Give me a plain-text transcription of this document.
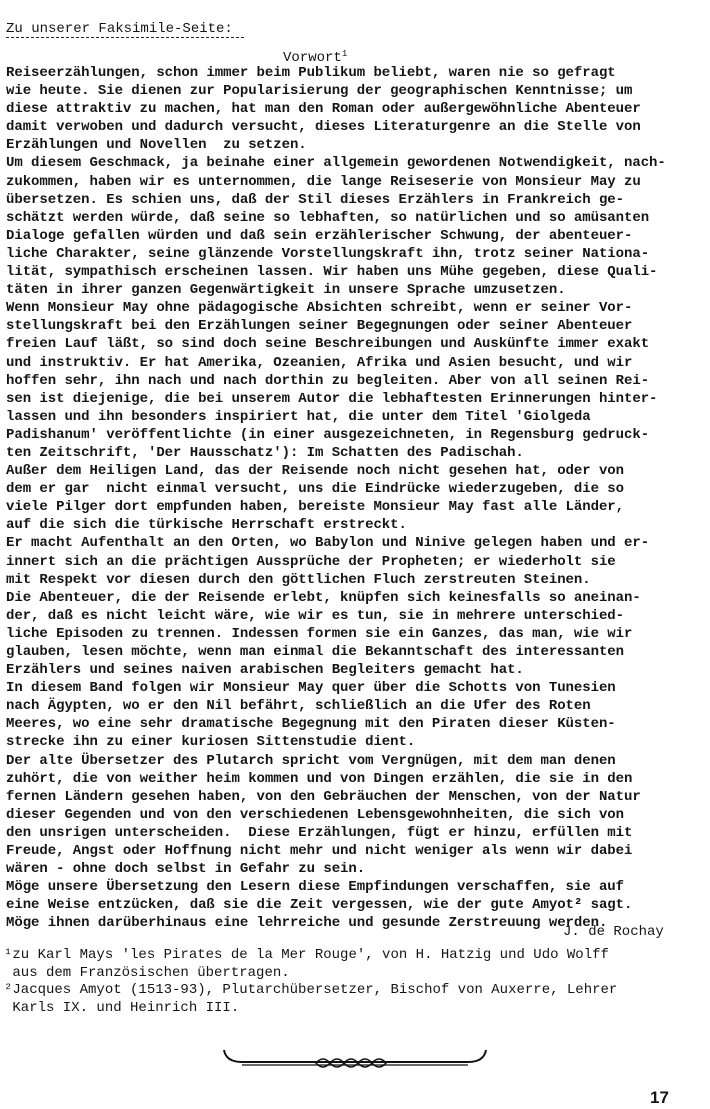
Zu unserer Faksimile-Seite:
Vorwort$^1$
Reiseerzählungen, schon immer beim Publikum beliebt, waren nie so gefragt
wie heute. Sie dienen zur Popularisierung der geographischen Kenntnisse; um
diese attraktiv zu machen, hat man den Roman oder außergewöhnliche Abenteuer
damit verwoben und dadurch versucht, dieses Literaturgenre an die Stelle von
Erzählungen und Novellen  zu setzen.
Um diesem Geschmack, ja beinahe einer allgemein gewordenen Notwendigkeit, nach-
zukommen, haben wir es unternommen, die lange Reiseserie von Monsieur May zu
übersetzen. Es schien uns, daß der Stil dieses Erzählers in Frankreich ge-
schätzt werden würde, daß seine so lebhaften, so natürlichen und so amüsanten
Dialoge gefallen würden und daß sein erzählerischer Schwung, der abenteuer-
liche Charakter, seine glänzende Vorstellungskraft ihn, trotz seiner Nationa-
lität, sympathisch erscheinen lassen. Wir haben uns Mühe gegeben, diese Quali-
täten in ihrer ganzen Gegenwärtigkeit in unsere Sprache umzusetzen.
Wenn Monsieur May ohne pädagogische Absichten schreibt, wenn er seiner Vor-
stellungskraft bei den Erzählungen seiner Begegnungen oder seiner Abenteuer
freien Lauf läßt, so sind doch seine Beschreibungen und Auskünfte immer exakt
und instruktiv. Er hat Amerika, Ozeanien, Afrika und Asien besucht, und wir
hoffen sehr, ihn nach und nach dorthin zu begleiten. Aber von all seinen Rei-
sen ist diejenige, die bei unserem Autor die lebhaftesten Erinnerungen hinter-
lassen und ihn besonders inspiriert hat, die unter dem Titel 'Giolgeda
Padishanum' veröffentlichte (in einer ausgezeichneten, in Regensburg gedruck-
ten Zeitschrift, 'Der Hausschatz'): Im Schatten des Padischah.
Außer dem Heiligen Land, das der Reisende noch nicht gesehen hat, oder von
dem er gar  nicht einmal versucht, uns die Eindrücke wiederzugeben, die so
viele Pilger dort empfunden haben, bereiste Monsieur May fast alle Länder,
auf die sich die türkische Herrschaft erstreckt.
Er macht Aufenthalt an den Orten, wo Babylon und Ninive gelegen haben und er-
innert sich an die prächtigen Aussprüche der Propheten; er wiederholt sie
mit Respekt vor diesen durch den göttlichen Fluch zerstreuten Steinen.
Die Abenteuer, die der Reisende erlebt, knüpfen sich keinesfalls so aneinan-
der, daß es nicht leicht wäre, wie wir es tun, sie in mehrere unterschied-
liche Episoden zu trennen. Indessen formen sie ein Ganzes, das man, wie wir
glauben, lesen möchte, wenn man einmal die Bekanntschaft des interessanten
Erzählers und seines naiven arabischen Begleiters gemacht hat.
In diesem Band folgen wir Monsieur May quer über die Schotts von Tunesien
nach Ägypten, wo er den Nil befährt, schließlich an die Ufer des Roten
Meeres, wo eine sehr dramatische Begegnung mit den Piraten dieser Küsten-
strecke ihn zu einer kuriosen Sittenstudie dient.
Der alte Übersetzer des Plutarch spricht vom Vergnügen, mit dem man denen
zuhört, die von weither heim kommen und von Dingen erzählen, die sie in den
fernen Ländern gesehen haben, von den Gebräuchen der Menschen, von der Natur
dieser Gegenden und von den verschiedenen Lebensgewohnheiten, die sich von
den unsrigen unterscheiden.  Diese Erzählungen, fügt er hinzu, erfüllen mit
Freude, Angst oder Hoffnung nicht mehr und nicht weniger als wenn wir dabei
wären - ohne doch selbst in Gefahr zu sein.
Möge unsere Übersetzung den Lesern diese Empfindungen verschaffen, sie auf
eine Weise entzücken, daß sie die Zeit vergessen, wie der gute Amyot² sagt.
Möge ihnen darüberhinaus eine lehrreiche und gesunde Zerstreuung werden.
J. de Rochay
¹zu Karl Mays 'les Pirates de la Mer Rouge', von H. Hatzig und Udo Wolff
aus dem Französischen übertragen.
²Jacques Amyot (1513-93), Plutarchübersetzer, Bischof von Auxerre, Lehrer
Karls IX. und Heinrich III.
17
